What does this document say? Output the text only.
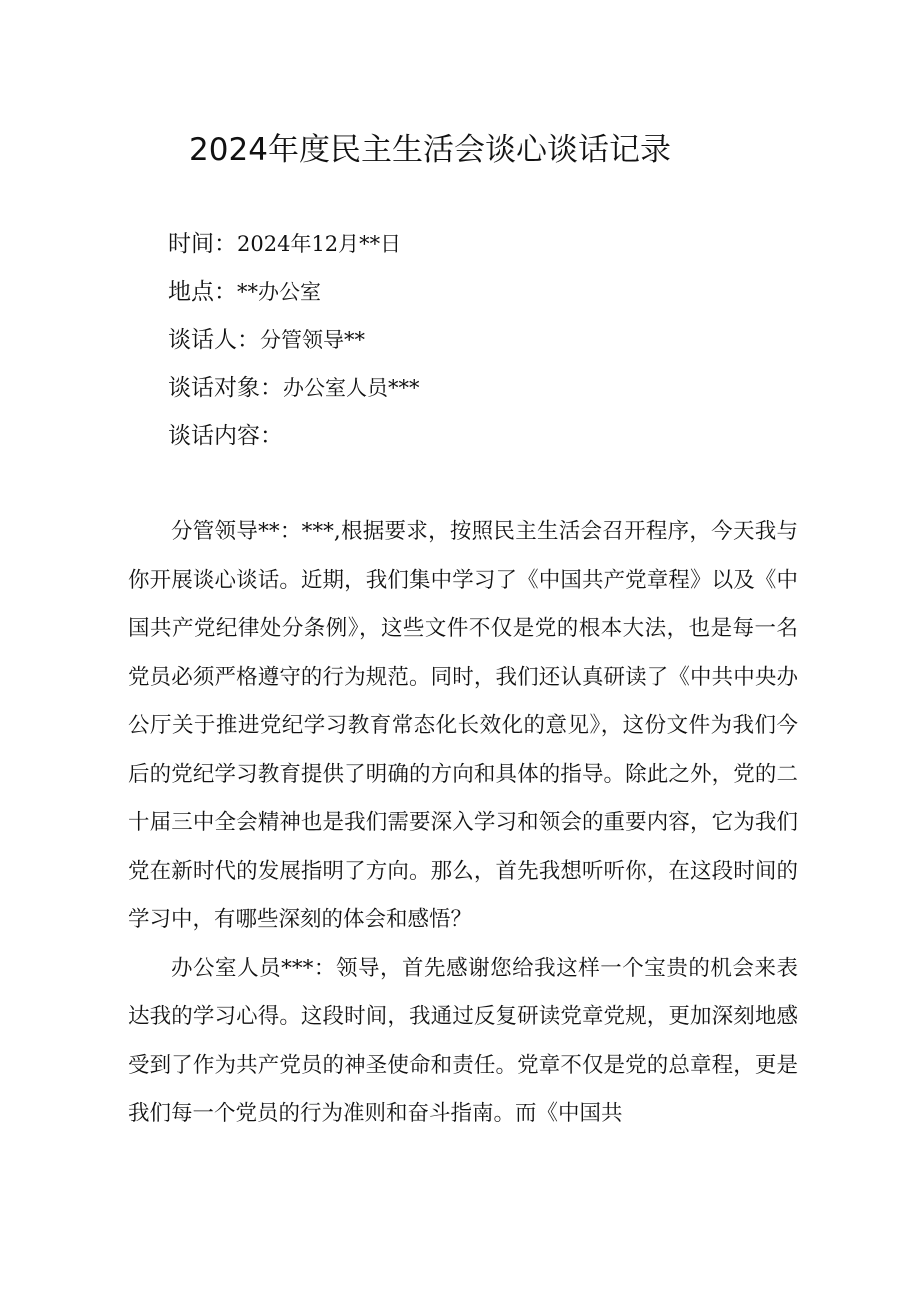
2024年度民主生活会谈心谈话记录
时间：2024年12月**日
地点：**办公室
谈话人：分管领导**
谈话对象：办公室人员***
谈话内容：

分管领导**：***,根据要求，按照民主生活会召开程序，今天我与你开展谈心谈话。近期，我们集中学习了《中国共产党章程》以及《中国共产党纪律处分条例》，这些文件不仅是党的根本大法，也是每一名党员必须严格遵守的行为规范。同时，我们还认真研读了《中共中央办公厅关于推进党纪学习教育常态化长效化的意见》，这份文件为我们今后的党纪学习教育提供了明确的方向和具体的指导。除此之外，党的二十届三中全会精神也是我们需要深入学习和领会的重要内容，它为我们党在新时代的发展指明了方向。那么，首先我想听听你，在这段时间的学习中，有哪些深刻的体会和感悟？

办公室人员***：领导，首先感谢您给我这样一个宝贵的机会来表达我的学习心得。这段时间，我通过反复研读党章党规，更加深刻地感受到了作为共产党员的神圣使命和责任。党章不仅是党的总章程，更是我们每一个党员的行为准则和奋斗指南。而《中国共
